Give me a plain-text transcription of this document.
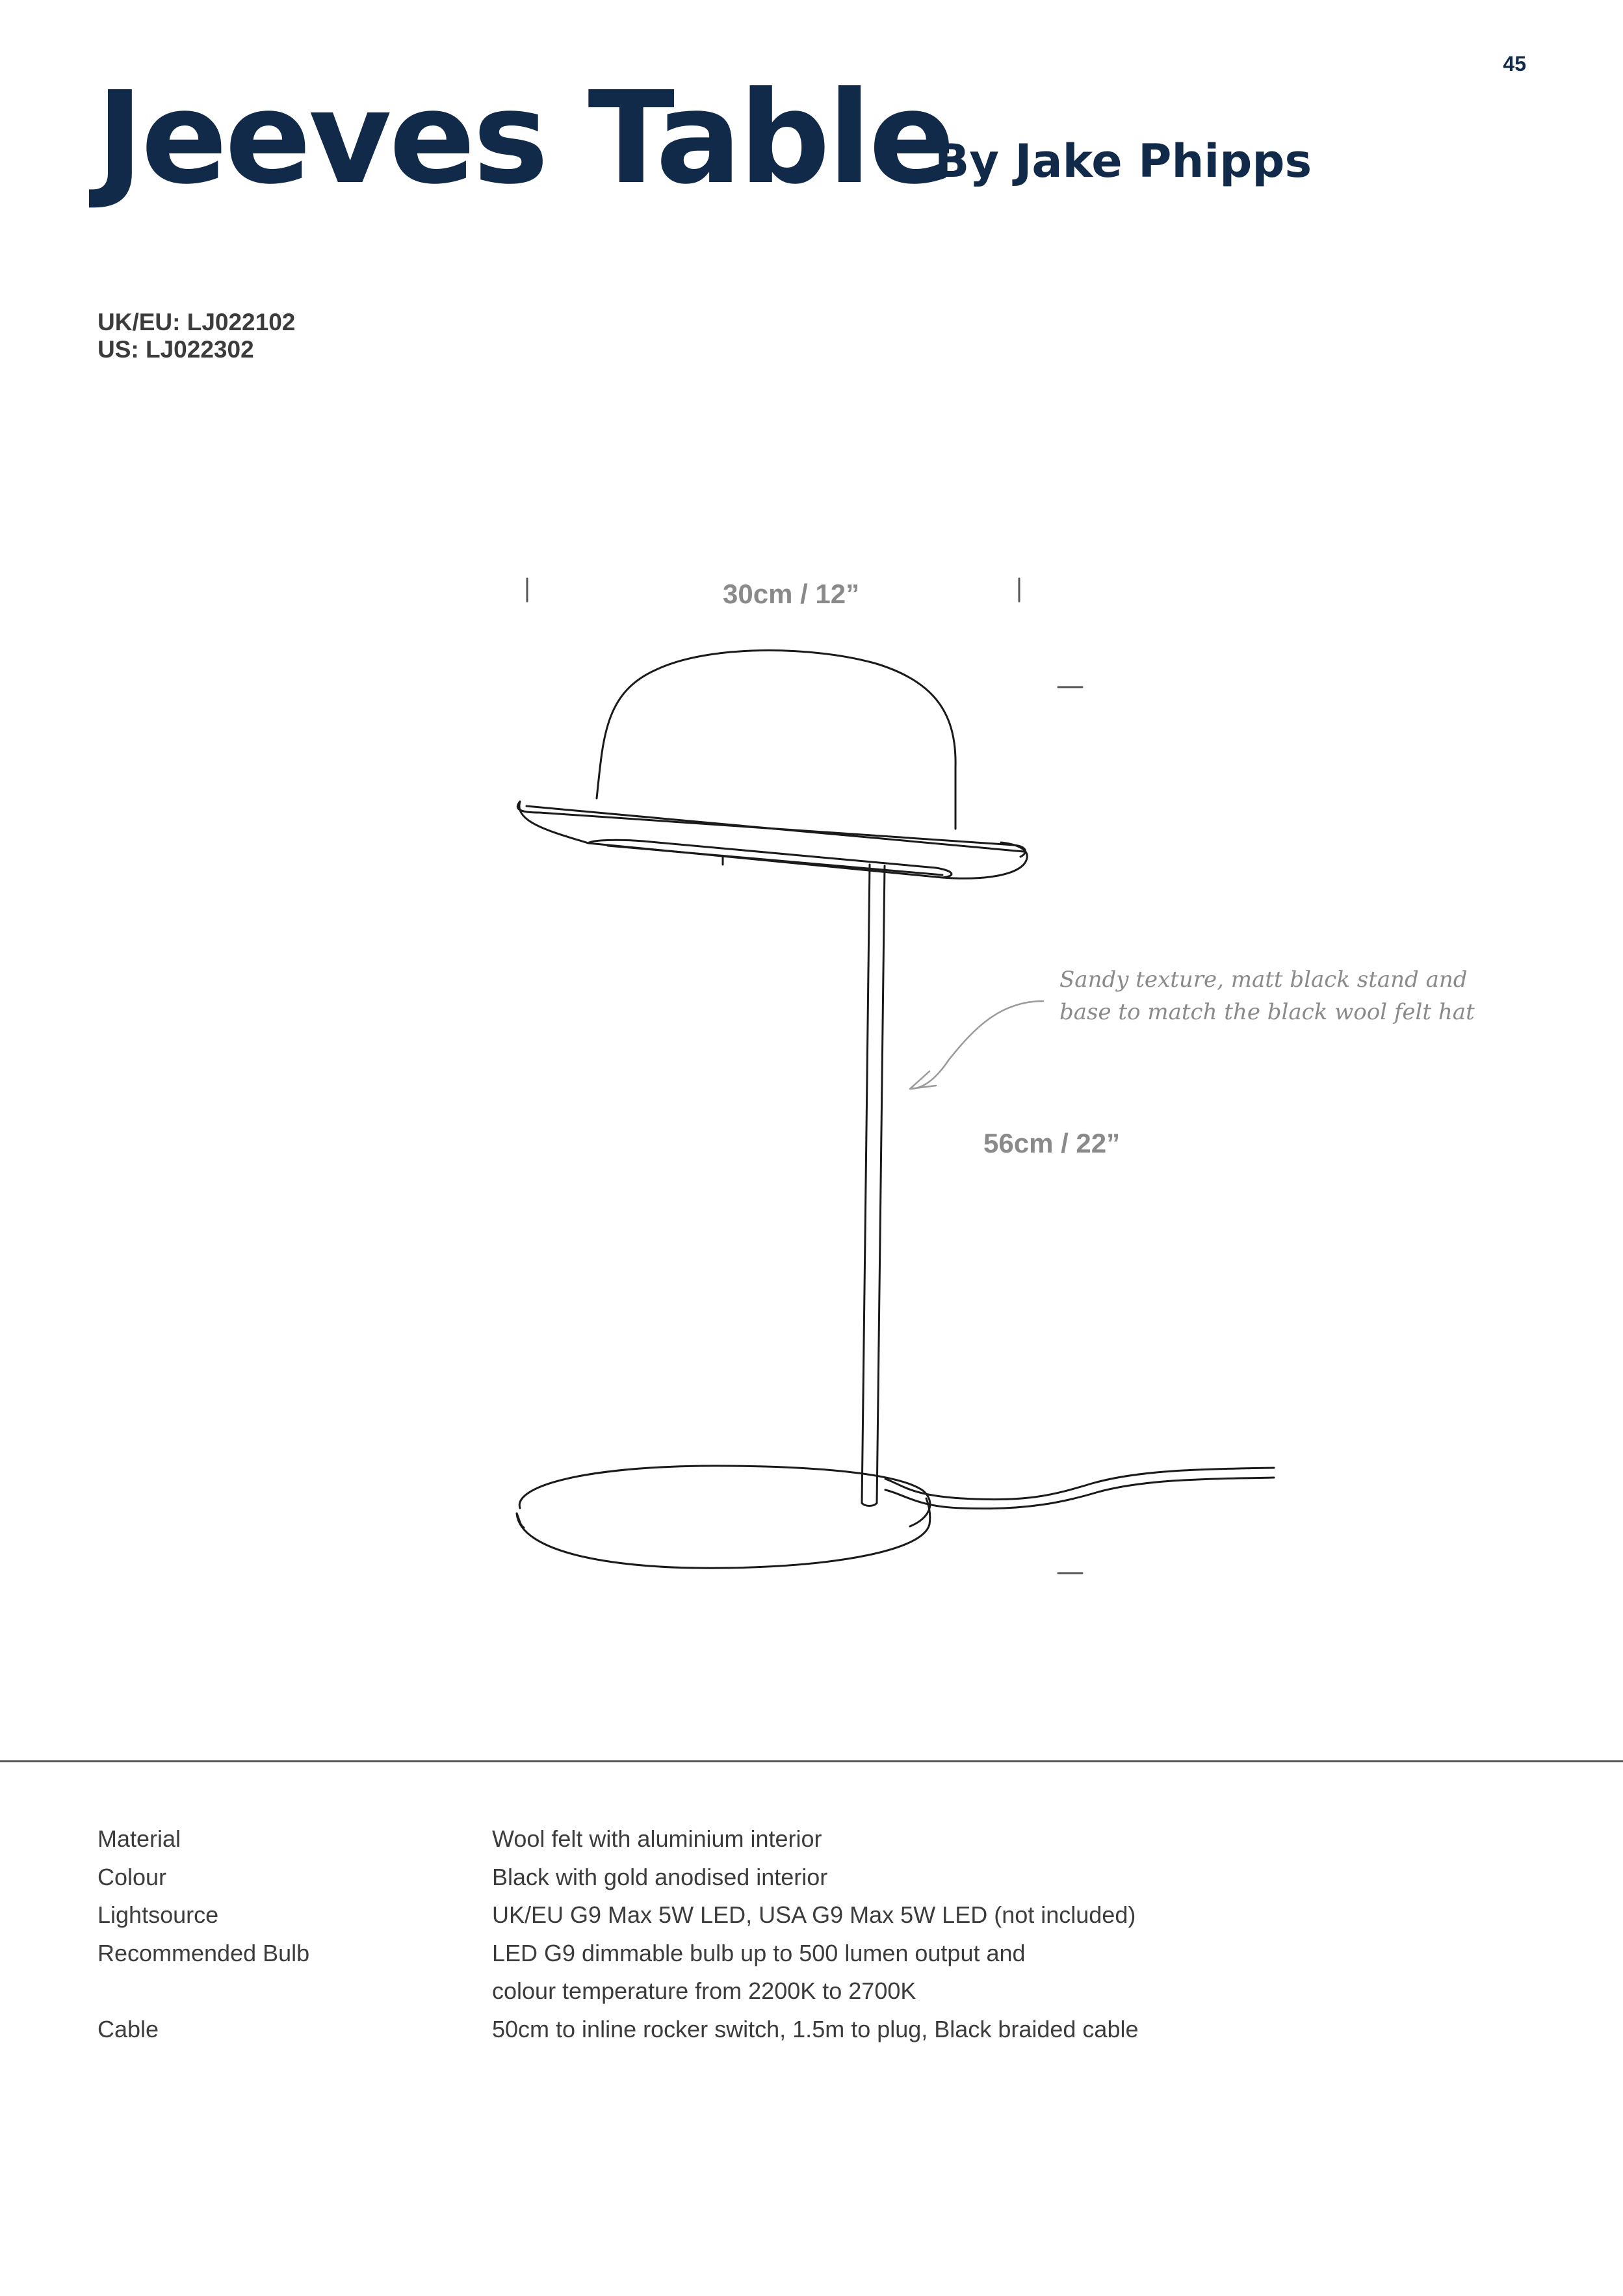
45
Jeeves Table
By Jake Phipps
UK/EU: LJ022102
US: LJ022302
30cm / 12”
56cm / 22”
Sandy texture, matt black stand and
base to match the black wool felt hat
Material	Wool felt with aluminium interior
Colour	Black with gold anodised interior
Lightsource	UK/EU G9 Max 5W LED, USA G9 Max 5W LED (not included)
Recommended Bulb	LED G9 dimmable bulb up to 500 lumen output and
colour temperature from 2200K to 2700K
Cable	50cm to inline rocker switch, 1.5m to plug, Black braided cable
